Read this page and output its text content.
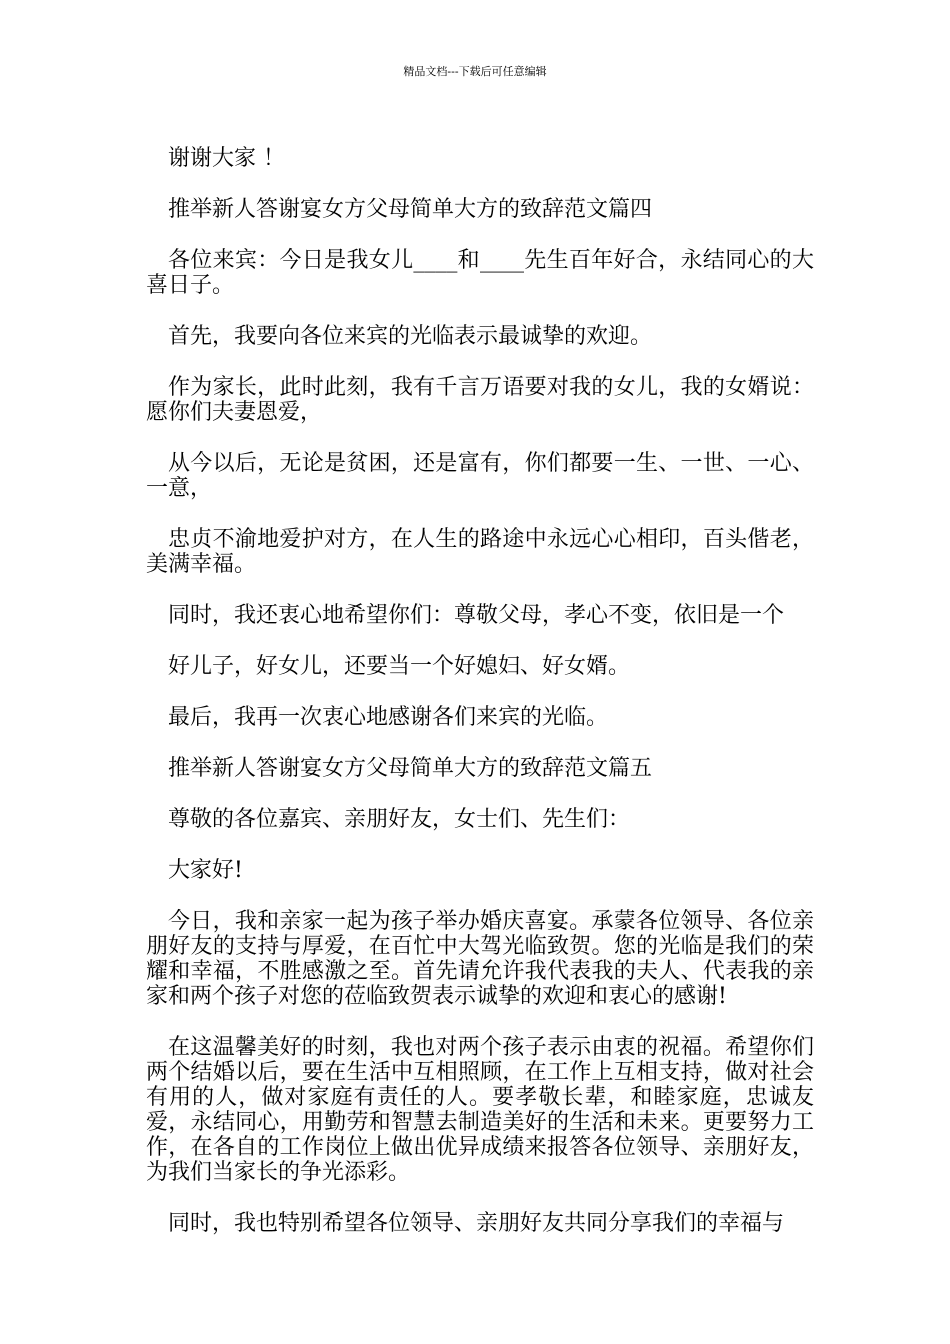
精品文档---下载后可任意编辑

谢谢大家 ！

推举新人答谢宴女方父母简单大方的致辞范文篇四

各位来宾：今日是我女儿____和____先生百年好合，永结同心的大喜日子。

首先，我要向各位来宾的光临表示最诚挚的欢迎。

作为家长，此时此刻，我有千言万语要对我的女儿，我的女婿说：愿你们夫妻恩爱，

从今以后，无论是贫困，还是富有，你们都要一生、一世、一心、一意，

忠贞不渝地爱护对方，在人生的路途中永远心心相印，百头偕老，美满幸福。

同时，我还衷心地希望你们：尊敬父母，孝心不变，依旧是一个

好儿子，好女儿，还要当一个好媳妇、好女婿。

最后，我再一次衷心地感谢各们来宾的光临。

推举新人答谢宴女方父母简单大方的致辞范文篇五

尊敬的各位嘉宾、亲朋好友，女士们、先生们：

大家好!

今日，我和亲家一起为孩子举办婚庆喜宴。承蒙各位领导、各位亲朋好友的支持与厚爱，在百忙中大驾光临致贺。您的光临是我们的荣耀和幸福，不胜感激之至。首先请允许我代表我的夫人、代表我的亲家和两个孩子对您的莅临致贺表示诚挚的欢迎和衷心的感谢!

在这温馨美好的时刻，我也对两个孩子表示由衷的祝福。希望你们两个结婚以后，要在生活中互相照顾，在工作上互相支持，做对社会有用的人，做对家庭有责任的人。要孝敬长辈，和睦家庭，忠诚友爱，永结同心，用勤劳和智慧去制造美好的生活和未来。更要努力工作，在各自的工作岗位上做出优异成绩来报答各位领导、亲朋好友，为我们当家长的争光添彩。

同时，我也特别希望各位领导、亲朋好友共同分享我们的幸福与
